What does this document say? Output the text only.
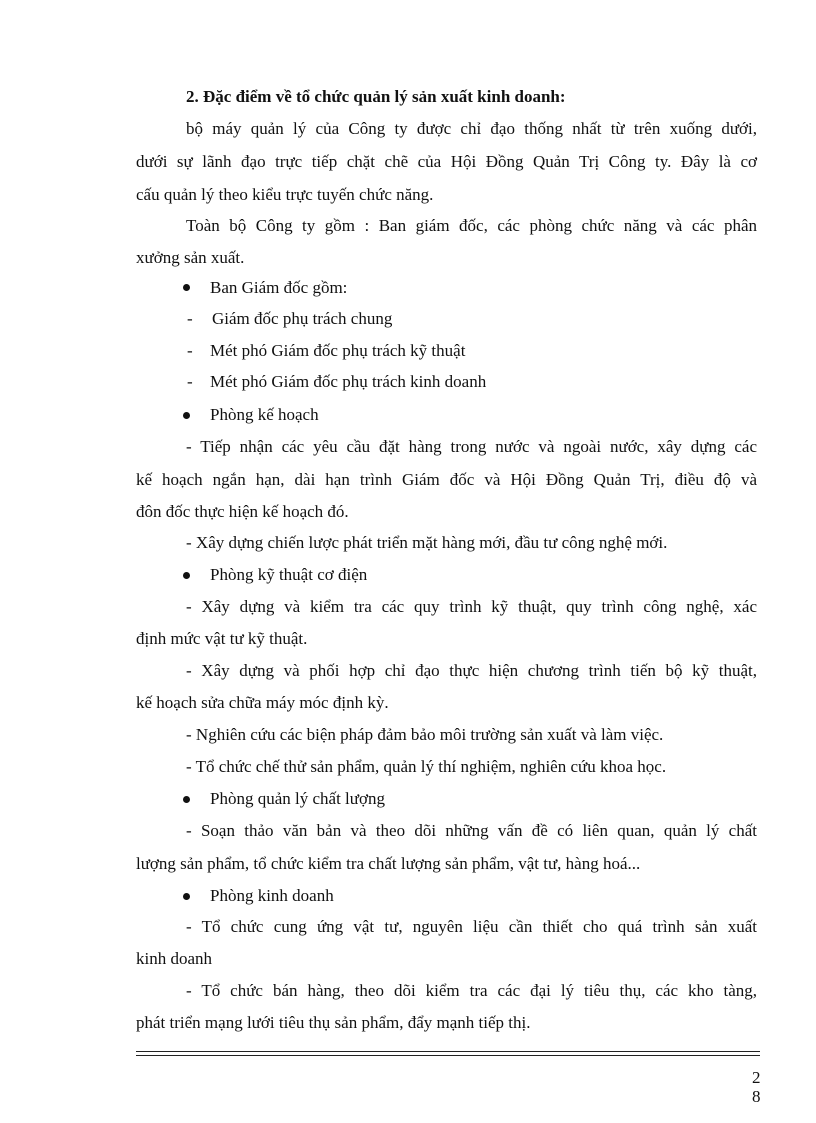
2. Đặc điểm về tổ chức quản lý sản xuất kinh doanh:
bộ máy quản lý của Công ty được chỉ đạo thống nhất từ trên xuống dưới,
dưới sự lãnh đạo trực tiếp chặt chẽ của Hội Đồng Quản Trị Công ty. Đây là cơ
cấu quản lý theo kiểu trực tuyến chức năng.
Toàn bộ Công ty gồm : Ban giám đốc, các phòng chức năng và các phân
xưởng sản xuất.
Ban Giám đốc gồm:
- Giám đốc phụ trách chung
- Mét phó Giám đốc phụ trách kỹ thuật
- Mét phó Giám đốc phụ trách kinh doanh
Phòng kế hoạch
- Tiếp nhận các yêu cầu đặt hàng trong nước và ngoài nước, xây dựng các
kế hoạch ngắn hạn, dài hạn trình Giám đốc và Hội Đồng Quản Trị, điều độ và
đôn đốc thực hiện kế hoạch đó.
- Xây dựng chiến lược phát triển mặt hàng mới, đầu tư công nghệ mới.
Phòng kỹ thuật cơ điện
- Xây dựng và kiểm tra các quy trình kỹ thuật, quy trình công nghệ, xác
định mức vật tư kỹ thuật.
- Xây dựng và phối hợp chỉ đạo thực hiện chương trình tiến bộ kỹ thuật,
kế hoạch sửa chữa máy móc định kỳ.
- Nghiên cứu các biện pháp đảm bảo môi trường sản xuất và làm việc.
- Tổ chức chế thử sản phẩm, quản lý thí nghiệm, nghiên cứu khoa học.
Phòng quản lý chất lượng
- Soạn thảo văn bản và theo dõi những vấn đề có liên quan, quản lý chất
lượng sản phẩm, tổ chức kiểm tra chất lượng sản phẩm, vật tư, hàng hoá...
Phòng kinh doanh
- Tổ chức cung ứng vật tư, nguyên liệu cần thiết cho quá trình sản xuất
kinh doanh
- Tổ chức bán hàng, theo dõi kiểm tra các đại lý tiêu thụ, các kho tàng,
phát triển mạng lưới tiêu thụ sản phẩm, đẩy mạnh tiếp thị.
2
8
